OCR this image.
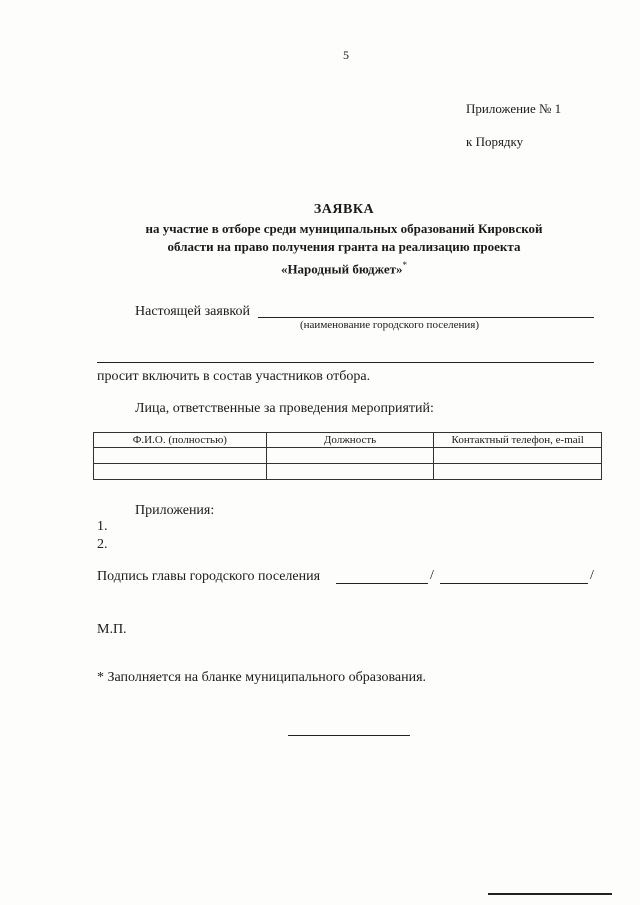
5
Приложение № 1
к Порядку
ЗАЯВКА
на участие в отборе среди муниципальных образований Кировской
области на право получения гранта на реализацию проекта
«Народный бюджет»*
Настоящей заявкой
(наименование городского поселения)
просит включить в состав участников отбора.
Лица, ответственные за проведения мероприятий:
Ф.И.О. (полностью)	Должность	Контактный телефон, e-mail

Приложения:
1.
2.
Подпись главы городского поселения	/	/
М.П.
* Заполняется на бланке муниципального образования.
